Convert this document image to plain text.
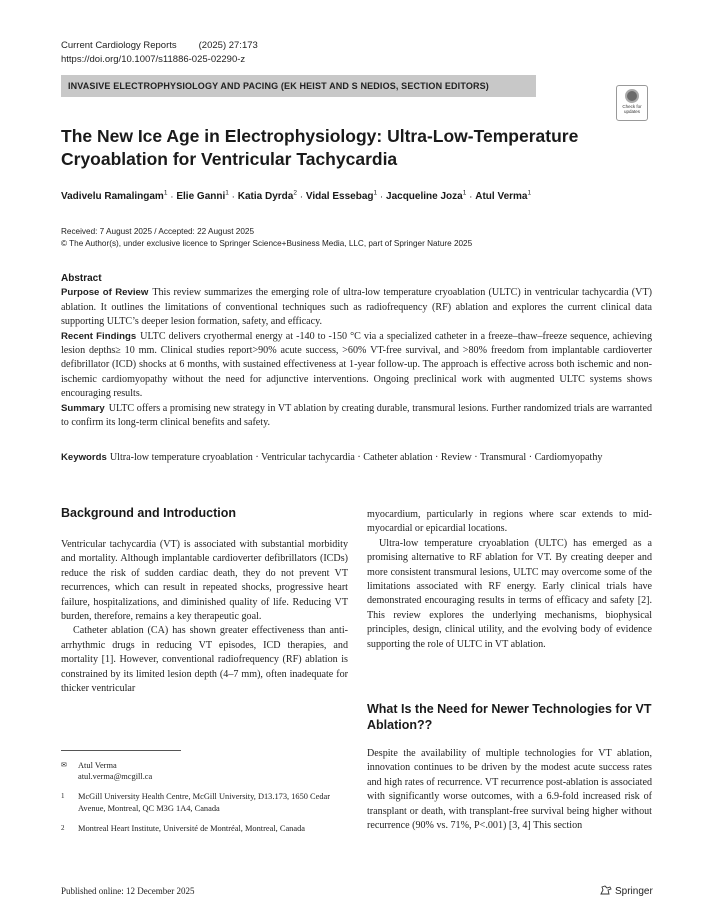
Current Cardiology Reports (2025) 27:173
https://doi.org/10.1007/s11886-025-02290-z
INVASIVE ELECTROPHYSIOLOGY AND PACING (EK HEIST AND S NEDIOS, SECTION EDITORS)
Check for
updates
The New Ice Age in Electrophysiology: Ultra-Low-Temperature
Cryoablation for Ventricular Tachycardia
Vadivelu Ramalingam$^1$ · Elie Ganni$^1$ · Katia Dyrda$^2$ · Vidal Essebag$^1$ · Jacqueline Joza$^1$ · Atul Verma$^1$
Received: 7 August 2025 / Accepted: 22 August 2025
© The Author(s), under exclusive licence to Springer Science+Business Media, LLC, part of Springer Nature 2025
Abstract

Purpose of Review This review summarizes the emerging role of ultra-low temperature cryoablation (ULTC) in ventricular tachycardia (VT) ablation. It outlines the limitations of conventional techniques such as radiofrequency (RF) ablation and explores the current clinical data supporting ULTC’s deeper lesion formation, safety, and efficacy.

Recent Findings ULTC delivers cryothermal energy at -140 to -150 °C via a specialized catheter in a freeze–thaw–freeze sequence, achieving lesion depths≥ 10 mm. Clinical studies report>90% acute success, >60% VT-free survival, and >80% freedom from implantable cardioverter defibrillator (ICD) shocks at 6 months, with sustained effectiveness at 1-year follow-up. The approach is effective across both ischemic and non-ischemic cardiomyopathy without the need for adjunctive interventions. Ongoing preclinical work with augmented ULTC systems shows encouraging results.

Summary ULTC offers a promising new strategy in VT ablation by creating durable, transmural lesions. Further randomized trials are warranted to confirm its long-term clinical benefits and safety.

Keywords Ultra-low temperature cryoablation · Ventricular tachycardia · Catheter ablation · Review · Transmural · Cardiomyopathy
Background and Introduction

Ventricular tachycardia (VT) is associated with substantial morbidity and mortality. Although implantable cardioverter defibrillators (ICDs) reduce the risk of sudden cardiac death, they do not prevent VT recurrences, which can result in repeated shocks, progressive heart failure, hospitalizations, and diminished quality of life. Reducing VT burden, therefore, remains a key therapeutic goal.

Catheter ablation (CA) has shown greater effectiveness than anti-arrhythmic drugs in reducing VT episodes, ICD therapies, and mortality [1]. However, conventional radiofrequency (RF) ablation is constrained by its limited lesion depth (4–7 mm), often inadequate for thicker ventricular

myocardium, particularly in regions where scar extends to mid-myocardial or epicardial locations.

Ultra-low temperature cryoablation (ULTC) has emerged as a promising alternative to RF ablation for VT. By creating deeper and more consistent transmural lesions, ULTC may overcome some of the limitations associated with RF energy. Early clinical trials have demonstrated encouraging results in terms of efficacy and safety [2]. This review explores the underlying mechanisms, biophysical principles, design, clinical utility, and the evolving body of evidence supporting the role of ULTC in VT ablation.

What Is the Need for Newer Technologies for VT Ablation??

Despite the availability of multiple technologies for VT ablation, innovation continues to be driven by the modest acute success rates and high rates of recurrence. VT recurrence post-ablation is associated with significantly worse outcomes, with a 6.9-fold increased risk of transplant or death, with transplant-free survival being higher without recurrence (90% vs. 71%, P<.001) [3, 4] This section

✉ Atul Verma
atul.verma@mcgill.ca
1 McGill University Health Centre, McGill University, D13.173, 1650 Cedar Avenue, Montreal, QC M3G 1A4, Canada
2 Montreal Heart Institute, Université de Montréal, Montreal, Canada
Published online: 12 December 2025	Springer
